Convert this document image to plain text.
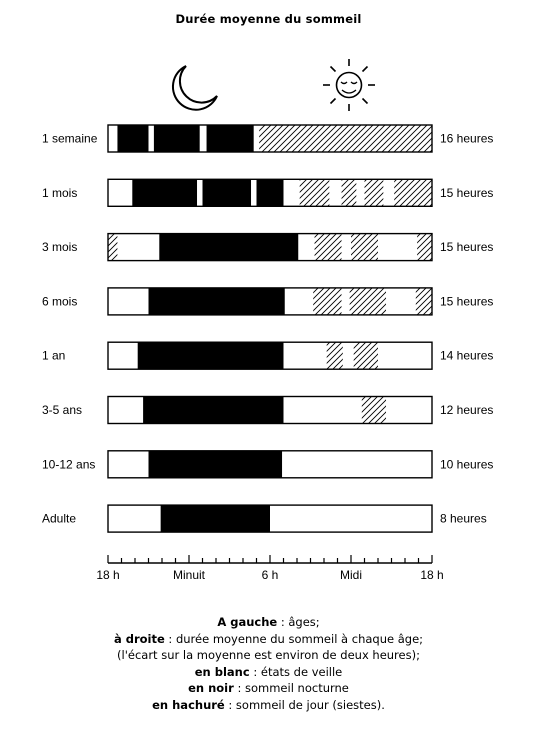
Durée moyenne du sommeil
1 semaine	16 heures
1 mois	15 heures
3 mois	15 heures
6 mois	15 heures
1 an	14 heures
3-5 ans	12 heures
10-12 ans	10 heures
Adulte	8 heures
18 h	Minuit	6 h	Midi	18 h
A gauche : âges;
à droite : durée moyenne du sommeil à chaque âge;
(l'écart sur la moyenne est environ de deux heures);
en blanc : états de veille
en noir : sommeil nocturne
en hachuré : sommeil de jour (siestes).
